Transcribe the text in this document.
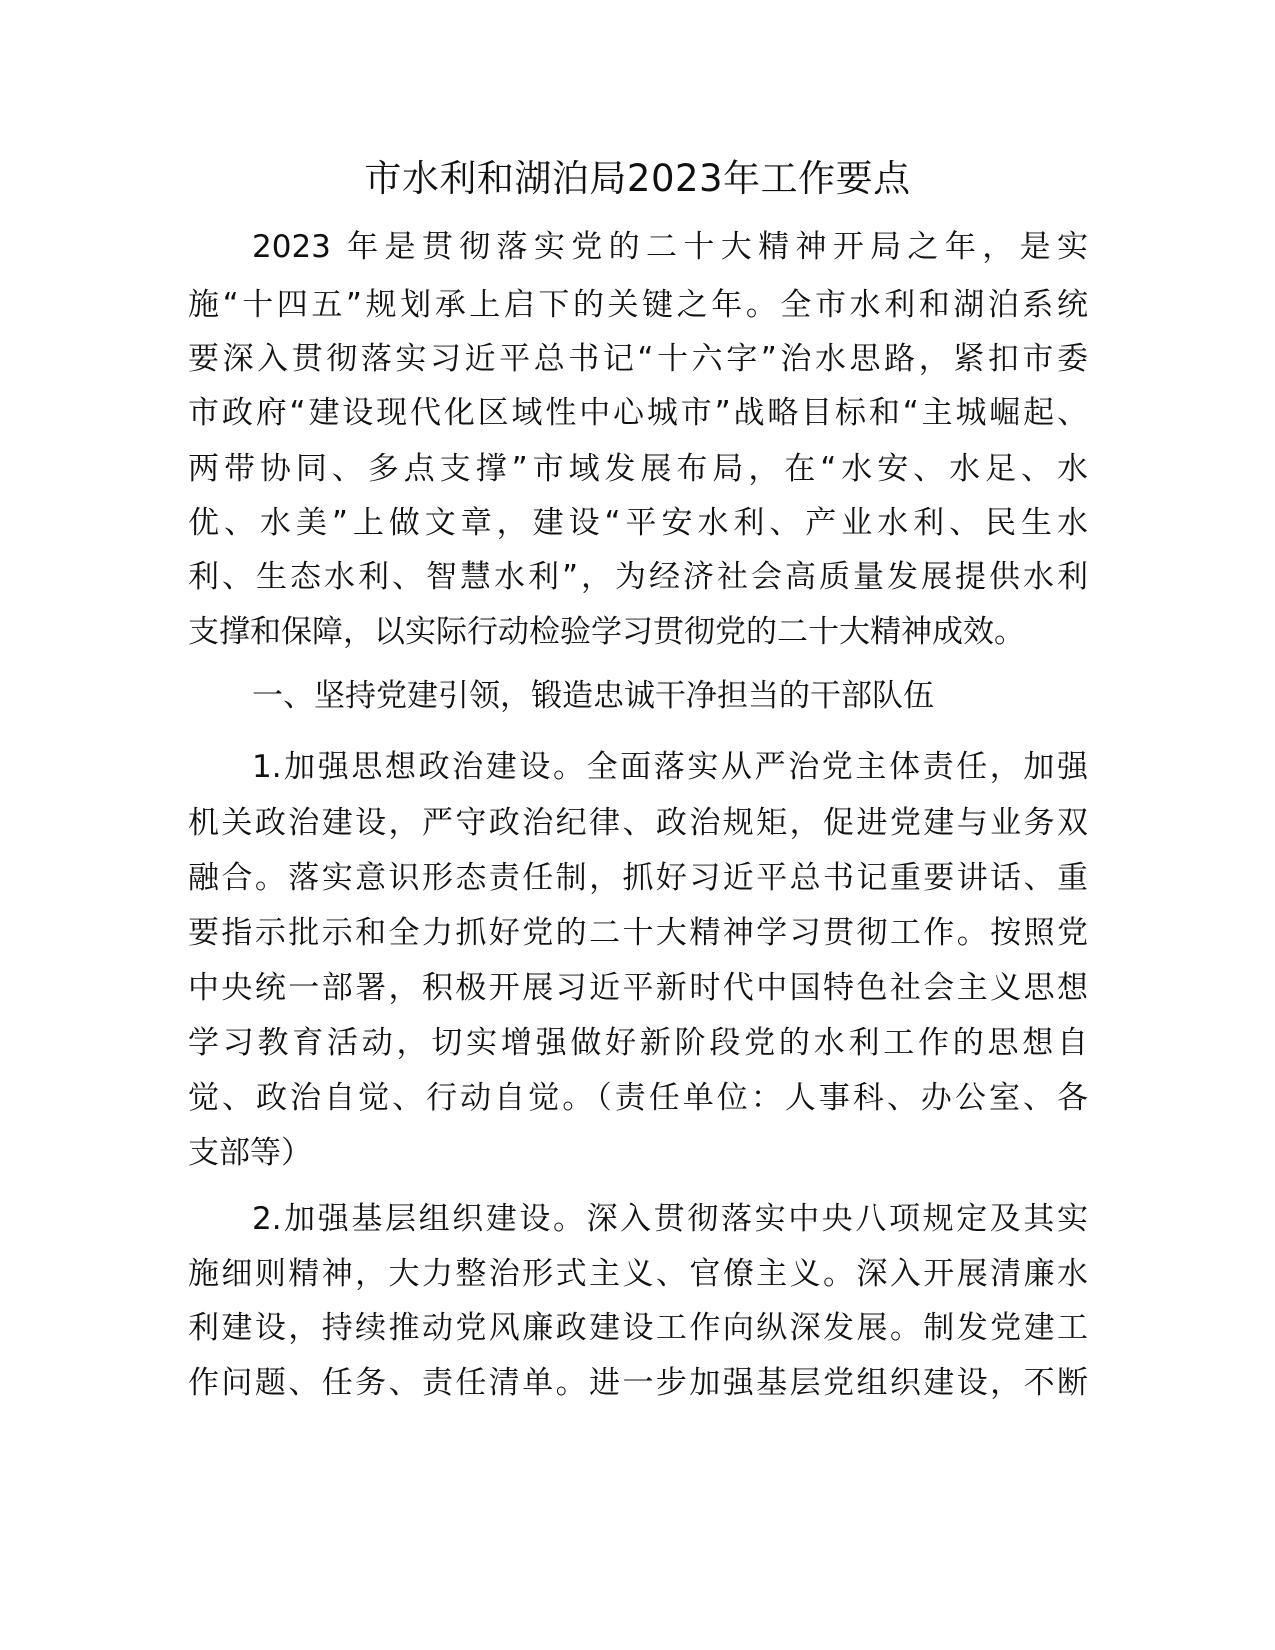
市水利和湖泊局2023年工作要点

2023 年是贯彻落实党的二十大精神开局之年，是实

施“十四五”规划承上启下的关键之年。全市水利和湖泊系统

要深入贯彻落实习近平总书记“十六字”治水思路，紧扣市委

市政府“建设现代化区域性中心城市”战略目标和“主城崛起、

两带协同、多点支撑”市域发展布局，在“水安、水足、水

优、水美”上做文章，建设“平安水利、产业水利、民生水

利、生态水利、智慧水利”，为经济社会高质量发展提供水利

支撑和保障，以实际行动检验学习贯彻党的二十大精神成效。

一、坚持党建引领，锻造忠诚干净担当的干部队伍

1.加强思想政治建设。全面落实从严治党主体责任，加强

机关政治建设，严守政治纪律、政治规矩，促进党建与业务双

融合。落实意识形态责任制，抓好习近平总书记重要讲话、重

要指示批示和全力抓好党的二十大精神学习贯彻工作。按照党

中央统一部署，积极开展习近平新时代中国特色社会主义思想

学习教育活动，切实增强做好新阶段党的水利工作的思想自

觉、政治自觉、行动自觉。（责任单位：人事科、办公室、各

支部等）

2.加强基层组织建设。深入贯彻落实中央八项规定及其实

施细则精神，大力整治形式主义、官僚主义。深入开展清廉水

利建设，持续推动党风廉政建设工作向纵深发展。制发党建工

作问题、任务、责任清单。进一步加强基层党组织建设，不断
